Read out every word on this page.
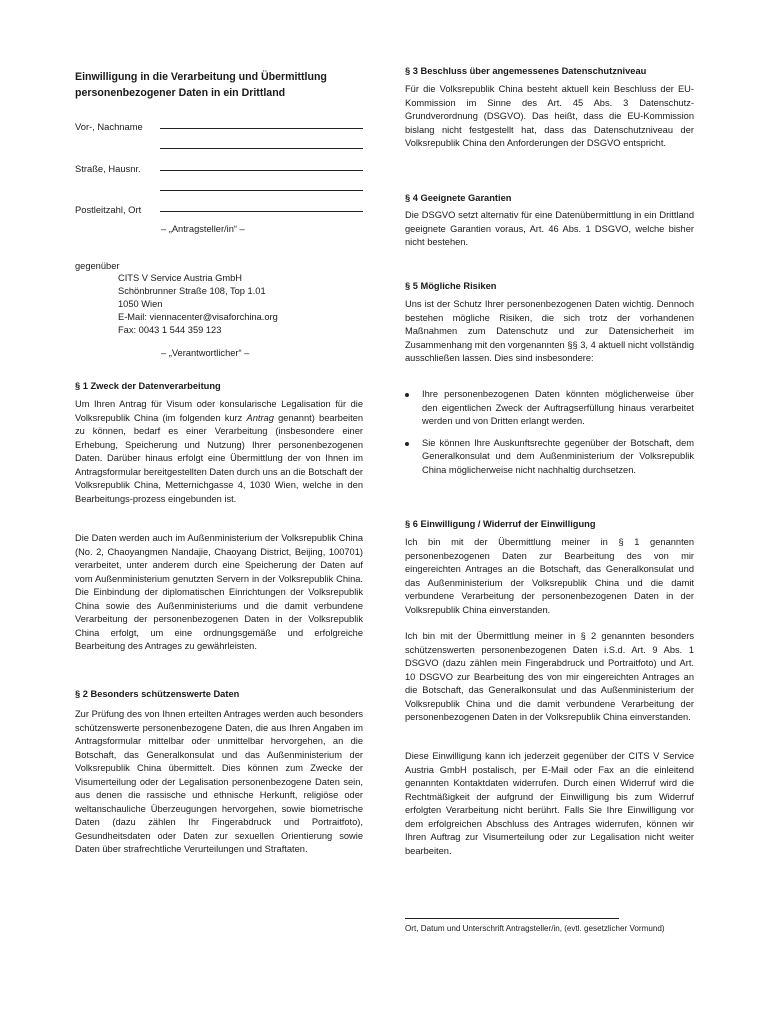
Einwilligung in die Verarbeitung und Übermittlung personenbezogener Daten in ein Drittland
Vor-, Nachname
Straße, Hausnr.
Postleitzahl, Ort
– „Antragsteller/in“ –
gegenüber
CITS V Service Austria GmbH
Schönbrunner Straße 108, Top 1.01
1050 Wien
E-Mail: viennacenter@visaforchina.org
Fax: 0043 1 544 359 123
– „Verantwortlicher“ –
§ 1 Zweck der Datenverarbeitung

Um Ihren Antrag für Visum oder konsularische Legalisation für die Volksrepublik China (im folgenden kurz Antrag genannt) bearbeiten zu können, bedarf es einer Verarbeitung (insbesondere einer Erhebung, Speicherung und Nutzung) Ihrer personenbezogenen Daten. Darüber hinaus erfolgt eine Übermittlung der von Ihnen im Antragsformular bereitgestellten Daten durch uns an die Botschaft der Volksrepublik China, Metternichgasse 4, 1030 Wien, welche in den Bearbeitungs-prozess eingebunden ist.

Die Daten werden auch im Außenministerium der Volksrepublik China (No. 2, Chaoyangmen Nandajie, Chaoyang District, Beijing, 100701) verarbeitet, unter anderem durch eine Speicherung der Daten auf vom Außenministerium genutzten Servern in der Volksrepublik China. Die Einbindung der diplomatischen Einrichtungen der Volksrepublik China sowie des Außenministeriums und die damit verbundene Verarbeitung der personenbezogenen Daten in der Volksrepublik China erfolgt, um eine ordnungsgemäße und erfolgreiche Bearbeitung des Antrages zu gewährleisten.

§ 2 Besonders schützenswerte Daten

Zur Prüfung des von Ihnen erteilten Antrages werden auch besonders schützenswerte personenbezogene Daten, die aus Ihren Angaben im Antragsformular mittelbar oder unmittelbar hervorgehen, an die Botschaft, das Generalkonsulat und das Außenministerium der Volksrepublik China übermittelt. Dies können zum Zwecke der Visumerteilung oder der Legalisation personenbezogene Daten sein, aus denen die rassische und ethnische Herkunft, religiöse oder weltanschauliche Überzeugungen hervorgehen, sowie biometrische Daten (dazu zählen Ihr Fingerabdruck und Portraitfoto), Gesundheitsdaten oder Daten zur sexuellen Orientierung sowie Daten über strafrechtliche Verurteilungen und Straftaten.

§ 3 Beschluss über angemessenes Datenschutzniveau

Für die Volksrepublik China besteht aktuell kein Beschluss der EU-Kommission im Sinne des Art. 45 Abs. 3 Datenschutz-Grundverordnung (DSGVO). Das heißt, dass die EU-Kommission bislang nicht festgestellt hat, dass das Datenschutzniveau der Volksrepublik China den Anforderungen der DSGVO entspricht.

§ 4 Geeignete Garantien

Die DSGVO setzt alternativ für eine Datenübermittlung in ein Drittland geeignete Garantien voraus, Art. 46 Abs. 1 DSGVO, welche bisher nicht bestehen.

§ 5 Mögliche Risiken

Uns ist der Schutz Ihrer personenbezogenen Daten wichtig. Dennoch bestehen mögliche Risiken, die sich trotz der vorhandenen Maßnahmen zum Datenschutz und zur Datensicherheit im Zusammenhang mit den vorgenannten §§ 3, 4 aktuell nicht vollständig ausschließen lassen. Dies sind insbesondere:

Ihre personenbezogenen Daten könnten möglicherweise über den eigentlichen Zweck der Auftragserfüllung hinaus verarbeitet werden und von Dritten erlangt werden.
Sie können Ihre Auskunftsrechte gegenüber der Botschaft, dem Generalkonsulat und dem Außenministerium der Volksrepublik China möglicherweise nicht nachhaltig durchsetzen.
§ 6 Einwilligung / Widerruf der Einwilligung

Ich bin mit der Übermittlung meiner in § 1 genannten personenbezogenen Daten zur Bearbeitung des von mir eingereichten Antrages an die Botschaft, das Generalkonsulat und das Außenministerium der Volksrepublik China und die damit verbundene Verarbeitung der personenbezogenen Daten in der Volksrepublik China einverstanden.

Ich bin mit der Übermittlung meiner in § 2 genannten besonders schützenswerten personenbezogenen Daten i.S.d. Art. 9 Abs. 1 DSGVO (dazu zählen mein Fingerabdruck und Portraitfoto) und Art. 10 DSGVO zur Bearbeitung des von mir eingereichten Antrages an die Botschaft, das Generalkonsulat und das Außenministerium der Volksrepublik China und die damit verbundene Verarbeitung der personenbezogenen Daten in der Volksrepublik China einverstanden.

Diese Einwilligung kann ich jederzeit gegenüber der CITS V Service Austria GmbH postalisch, per E-Mail oder Fax an die einleitend genannten Kontaktdaten widerrufen. Durch einen Widerruf wird die Rechtmäßigkeit der aufgrund der Einwilligung bis zum Widerruf erfolgten Verarbeitung nicht berührt. Falls Sie Ihre Einwilligung vor dem erfolgreichen Abschluss des Antrages widerrufen, können wir Ihren Auftrag zur Visumerteilung oder zur Legalisation nicht weiter bearbeiten.

Ort, Datum und Unterschrift Antragsteller/in, (evtl. gesetzlicher Vormund)
